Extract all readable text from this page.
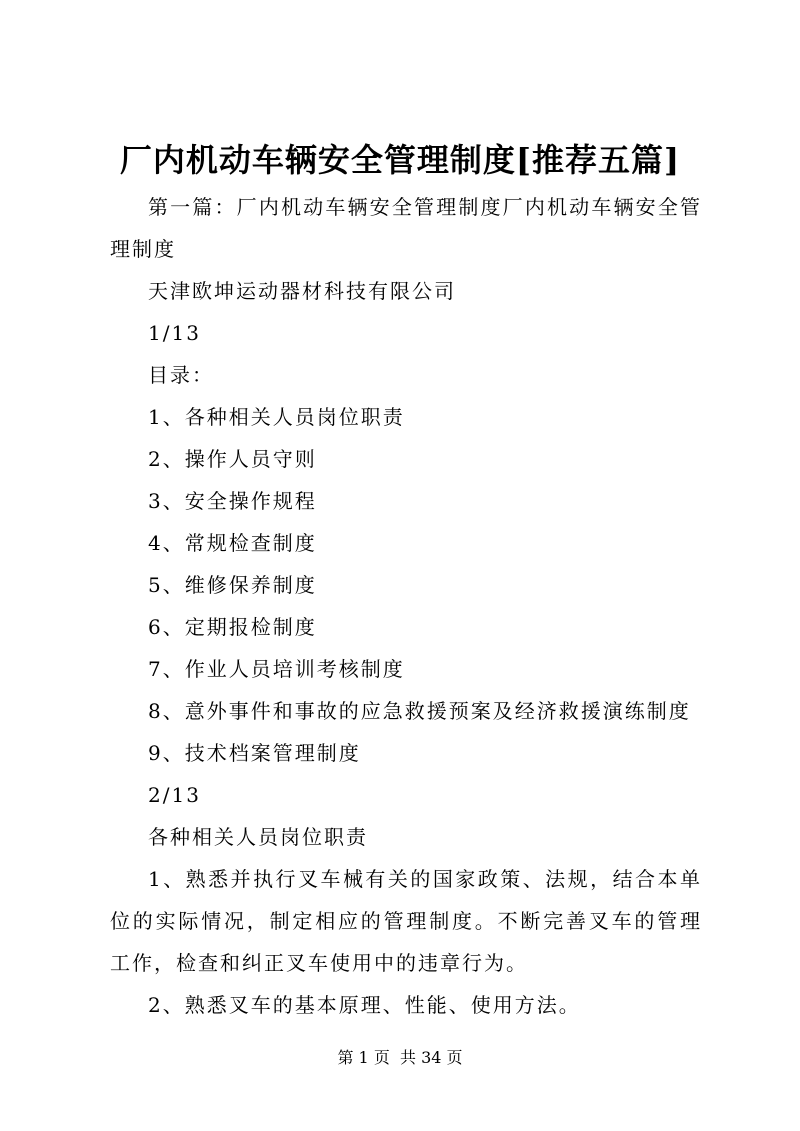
厂内机动车辆安全管理制度[推荐五篇]

第一篇：厂内机动车辆安全管理制度厂内机动车辆安全管理制度

天津欧坤运动器材科技有限公司

1/13

目录：

1、各种相关人员岗位职责

2、操作人员守则

3、安全操作规程

4、常规检查制度

5、维修保养制度

6、定期报检制度

7、作业人员培训考核制度

8、意外事件和事故的应急救援预案及经济救援演练制度

9、技术档案管理制度

2/13

各种相关人员岗位职责

1、熟悉并执行叉车械有关的国家政策、法规，结合本单位的实际情况，制定相应的管理制度。不断完善叉车的管理工作，检查和纠正叉车使用中的违章行为。

2、熟悉叉车的基本原理、性能、使用方法。

第 1 页  共 34 页
